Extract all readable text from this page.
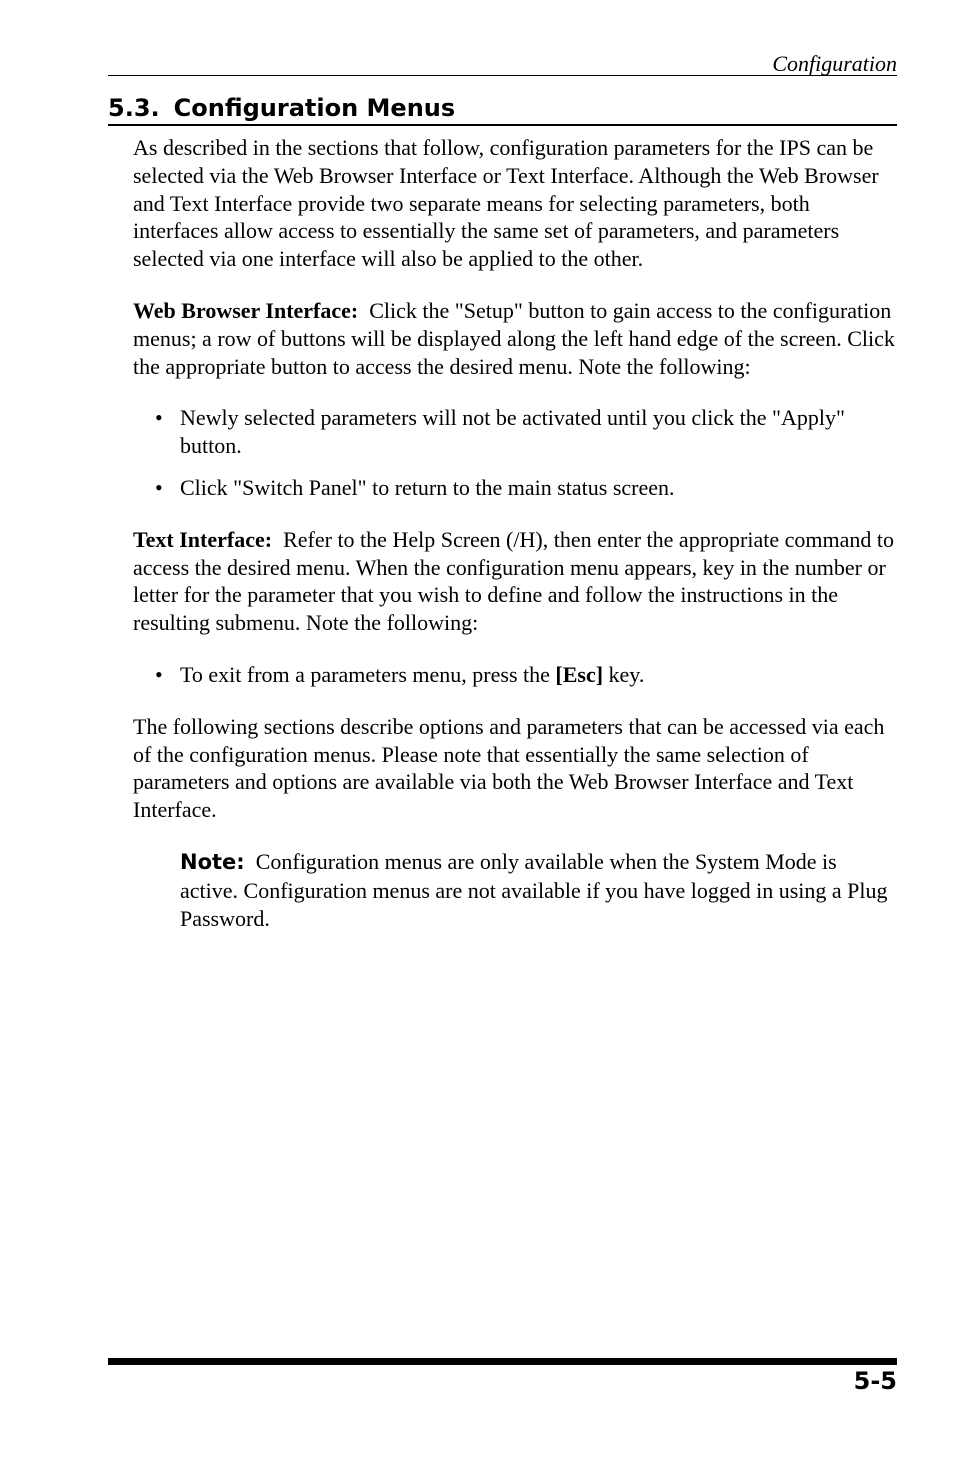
Configuration
5.3. Configuration Menus

As described in the sections that follow, configuration parameters for the IPS can be selected via the Web Browser Interface or Text Interface. Although the Web Browser and Text Interface provide two separate means for selecting parameters, both interfaces allow access to essentially the same set of parameters, and parameters selected via one interface will also be applied to the other.

Web Browser Interface: Click the "Setup" button to gain access to the configuration menus; a row of buttons will be displayed along the left hand edge of the screen. Click the appropriate button to access the desired menu. Note the following:

• Newly selected parameters will not be activated until you click the "Apply" button.
• Click "Switch Panel" to return to the main status screen.

Text Interface: Refer to the Help Screen (/H), then enter the appropriate command to access the desired menu. When the configuration menu appears, key in the number or letter for the parameter that you wish to define and follow the instructions in the resulting submenu. Note the following:

• To exit from a parameters menu, press the [Esc] key.

The following sections describe options and parameters that can be accessed via each of the configuration menus. Please note that essentially the same selection of parameters and options are available via both the Web Browser Interface and Text Interface.

Note: Configuration menus are only available when the System Mode is active. Configuration menus are not available if you have logged in using a Plug Password.
5-5
